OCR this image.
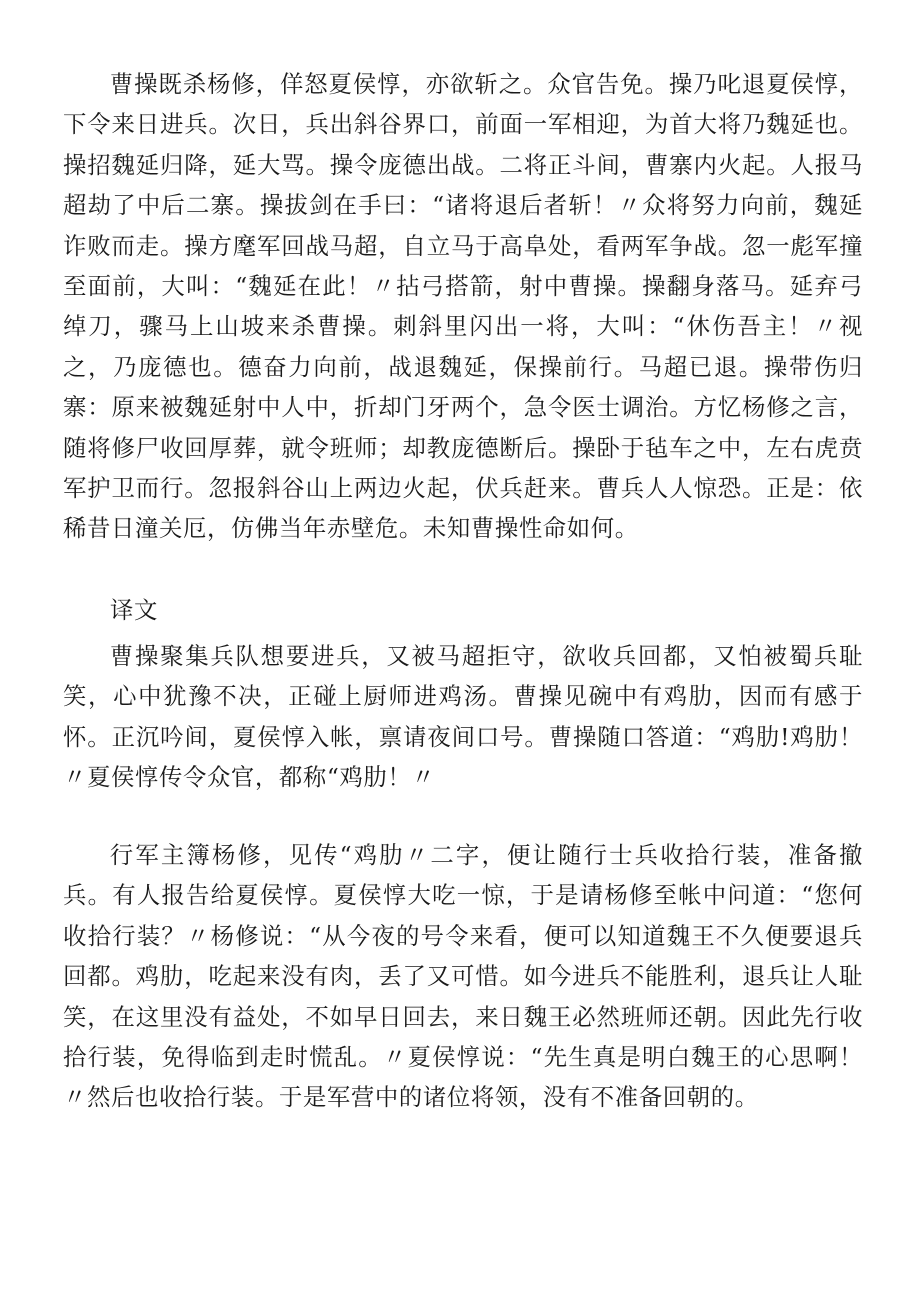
曹操既杀杨修，佯怒夏侯惇，亦欲斩之。众官告免。操乃叱退夏侯惇，下令来日进兵。次日，兵出斜谷界口，前面一军相迎，为首大将乃魏延也。操招魏延归降，延大骂。操令庞德出战。二将正斗间，曹寨内火起。人报马超劫了中后二寨。操拔剑在手曰：“诸将退后者斩！〃众将努力向前，魏延诈败而走。操方麾军回战马超，自立马于高阜处，看两军争战。忽一彪军撞至面前，大叫：“魏延在此！〃拈弓搭箭，射中曹操。操翻身落马。延弃弓绰刀，骤马上山坡来杀曹操。刺斜里闪出一将，大叫：“休伤吾主！〃视之，乃庞德也。德奋力向前，战退魏延，保操前行。马超已退。操带伤归寨：原来被魏延射中人中，折却门牙两个，急令医士调治。方忆杨修之言，随将修尸收回厚葬，就令班师；却教庞德断后。操卧于毡车之中，左右虎贲军护卫而行。忽报斜谷山上两边火起，伏兵赶来。曹兵人人惊恐。正是：依稀昔日潼关厄，仿佛当年赤壁危。未知曹操性命如何。

译文

曹操聚集兵队想要进兵，又被马超拒守，欲收兵回都，又怕被蜀兵耻笑，心中犹豫不决，正碰上厨师进鸡汤。曹操见碗中有鸡肋，因而有感于怀。正沉吟间，夏侯惇入帐，禀请夜间口号。曹操随口答道：“鸡肋!鸡肋！〃夏侯惇传令众官，都称“鸡肋！〃

行军主簿杨修，见传“鸡肋〃二字，便让随行士兵收拾行装，准备撤兵。有人报告给夏侯惇。夏侯惇大吃一惊，于是请杨修至帐中问道：“您何收拾行装？〃杨修说：“从今夜的号令来看，便可以知道魏王不久便要退兵回都。鸡肋，吃起来没有肉，丢了又可惜。如今进兵不能胜利，退兵让人耻笑，在这里没有益处，不如早日回去，来日魏王必然班师还朝。因此先行收拾行装，免得临到走时慌乱。〃夏侯惇说：“先生真是明白魏王的心思啊！〃然后也收拾行装。于是军营中的诸位将领，没有不准备回朝的。
